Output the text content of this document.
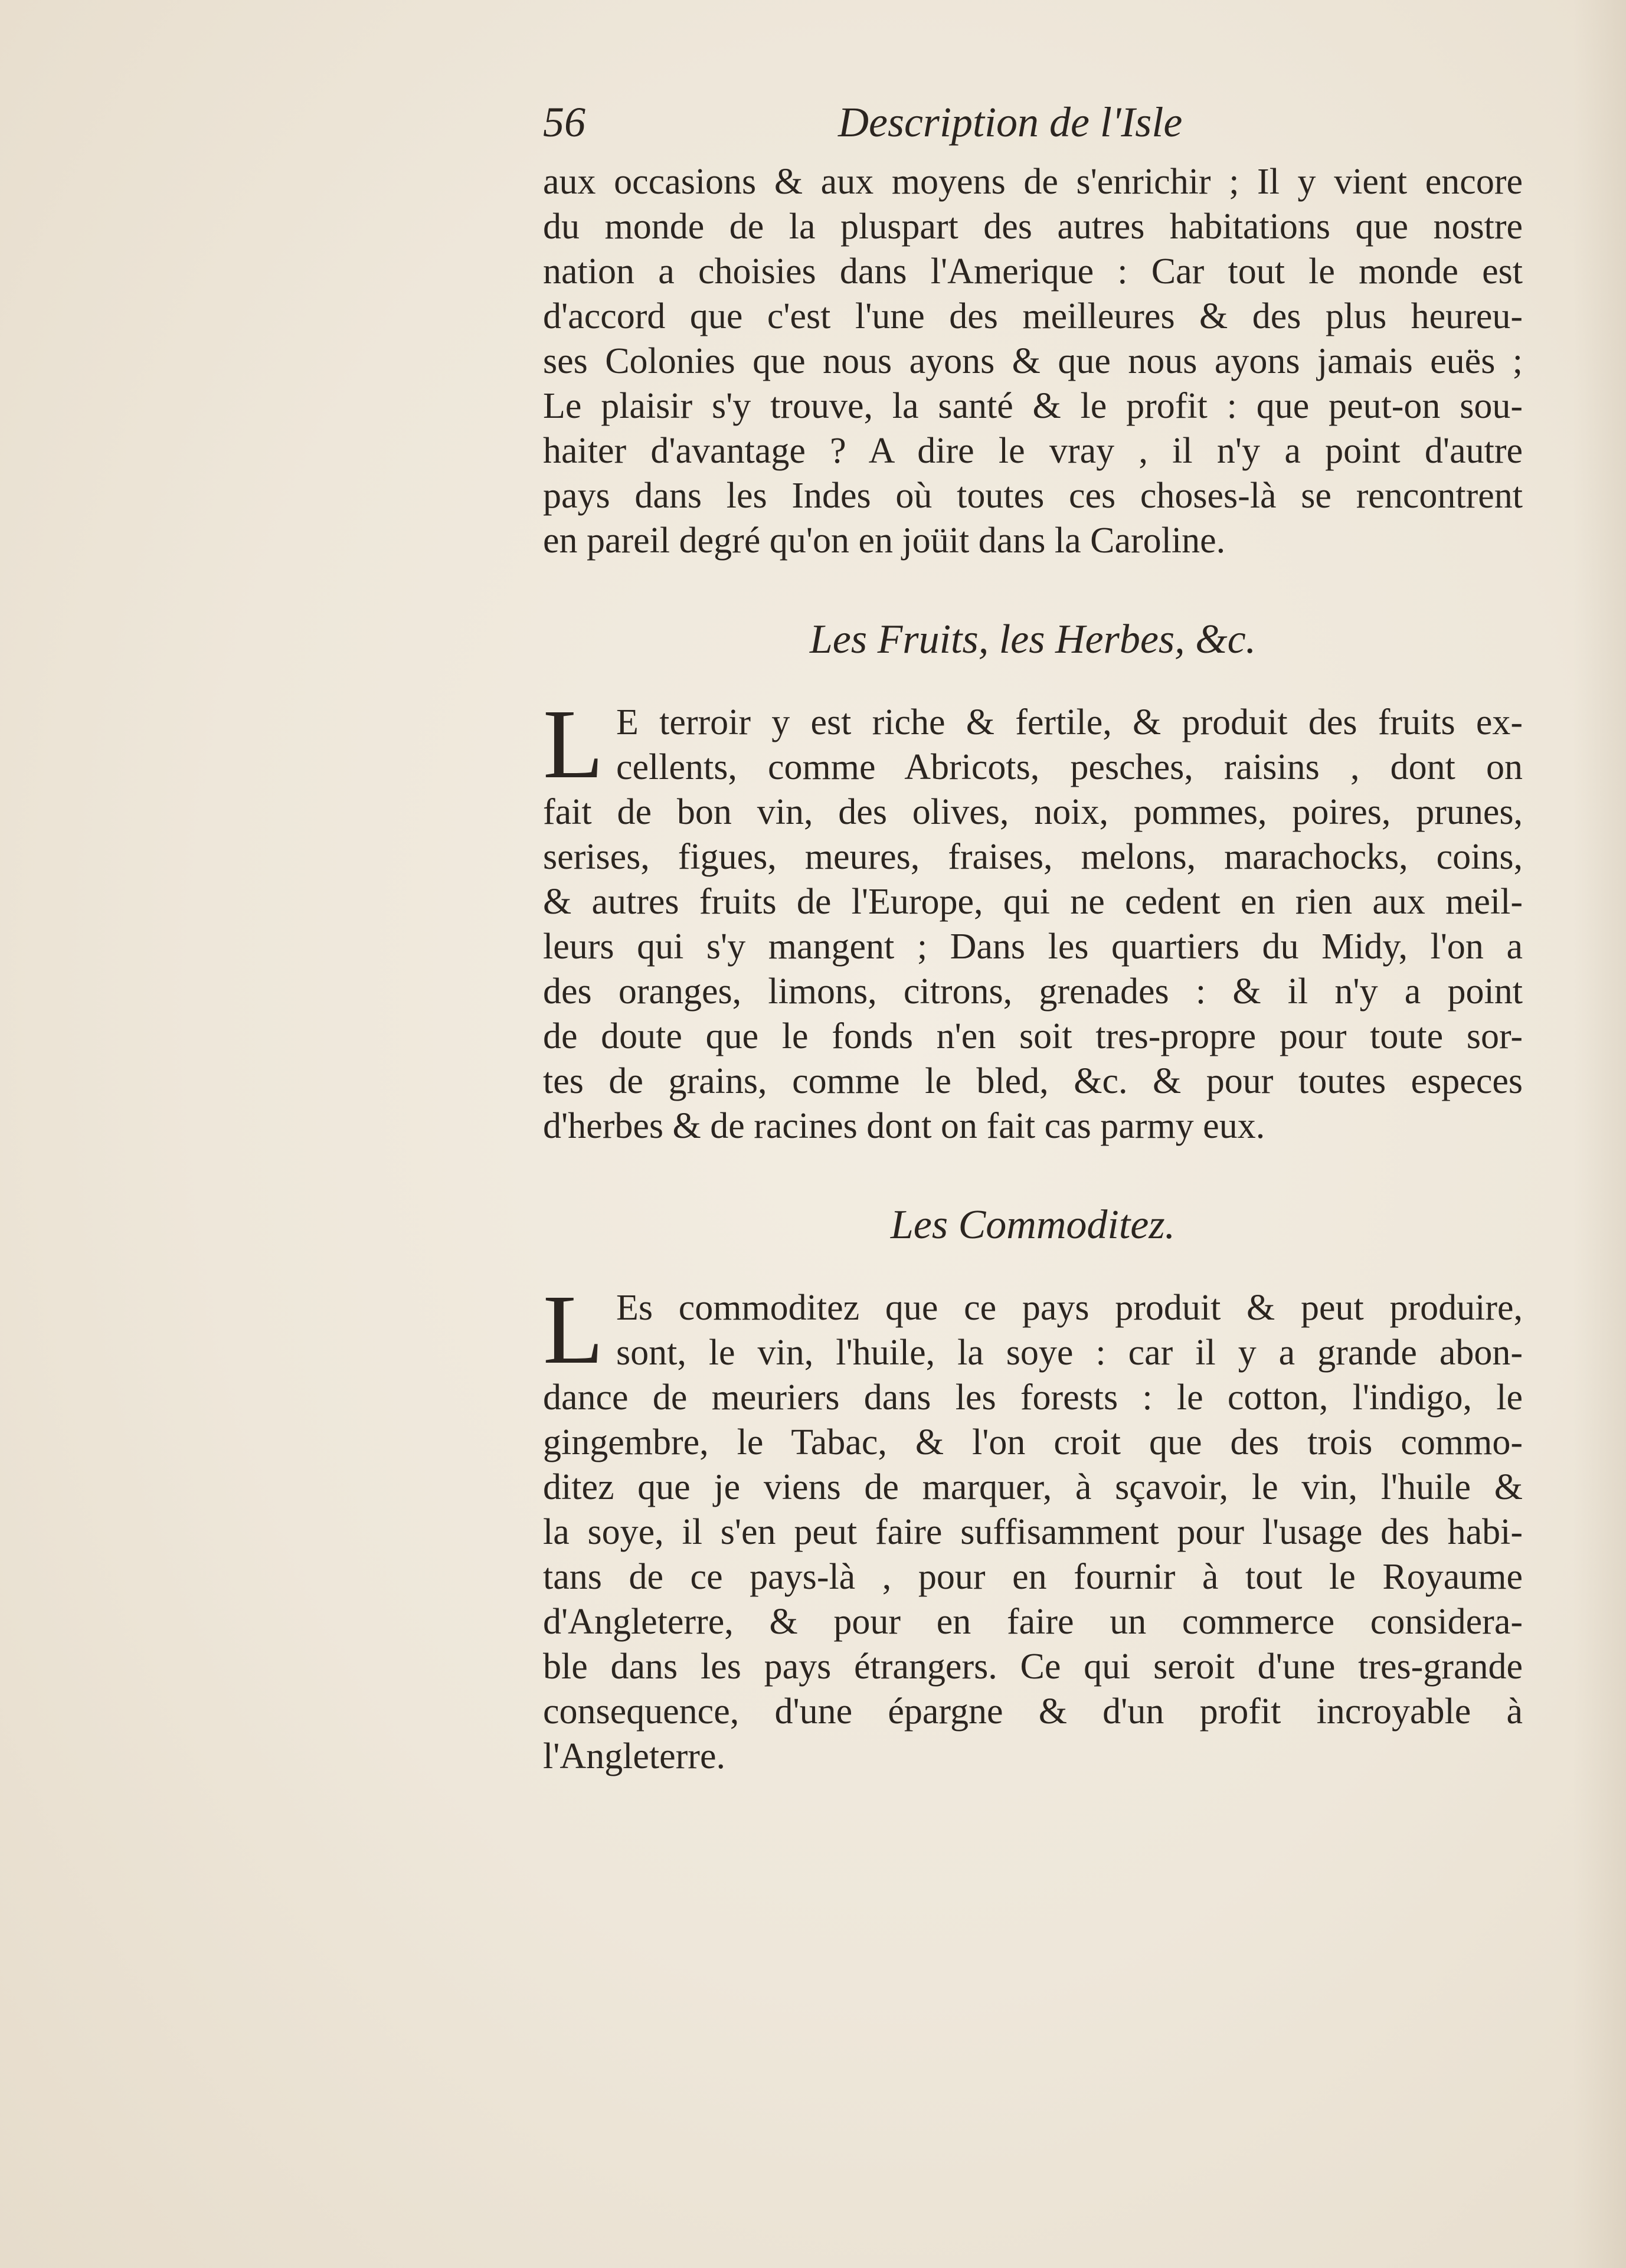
56	Description de l'Isle
aux occasions & aux moyens de s'enrichir ; Il y vient encore
du monde de la pluspart des autres habitations que nostre
nation a choisies dans l'Amerique : Car tout le monde est
d'accord que c'est l'une des meilleures & des plus heureu-
ses Colonies que nous ayons & que nous ayons jamais euës ;
Le plaisir s'y trouve, la santé & le profit : que peut-on sou-
haiter d'avantage ? A dire le vray , il n'y a point d'autre
pays dans les Indes où toutes ces choses-là se rencontrent
en pareil degré qu'on en joüit dans la Caroline.
Les Fruits, les Herbes, &c.
L E terroir y est riche & fertile, & produit des fruits ex-
cellents, comme Abricots, pesches, raisins , dont on
fait de bon vin, des olives, noix, pommes, poires, prunes,
serises, figues, meures, fraises, melons, marachocks, coins,
& autres fruits de l'Europe, qui ne cedent en rien aux meil-
leurs qui s'y mangent ; Dans les quartiers du Midy, l'on a
des oranges, limons, citrons, grenades : & il n'y a point
de doute que le fonds n'en soit tres-propre pour toute sor-
tes de grains, comme le bled, &c. & pour toutes especes
d'herbes & de racines dont on fait cas parmy eux.
Les Commoditez.
L Es commoditez que ce pays produit & peut produire,
sont, le vin, l'huile, la soye : car il y a grande abon-
dance de meuriers dans les forests : le cotton, l'indigo, le
gingembre, le Tabac, & l'on croit que des trois commo-
ditez que je viens de marquer, à sçavoir, le vin, l'huile &
la soye, il s'en peut faire suffisamment pour l'usage des habi-
tans de ce pays-là , pour en fournir à tout le Royaume
d'Angleterre, & pour en faire un commerce considera-
ble dans les pays étrangers. Ce qui seroit d'une tres-grande
consequence, d'une épargne & d'un profit incroyable à
l'Angleterre.
